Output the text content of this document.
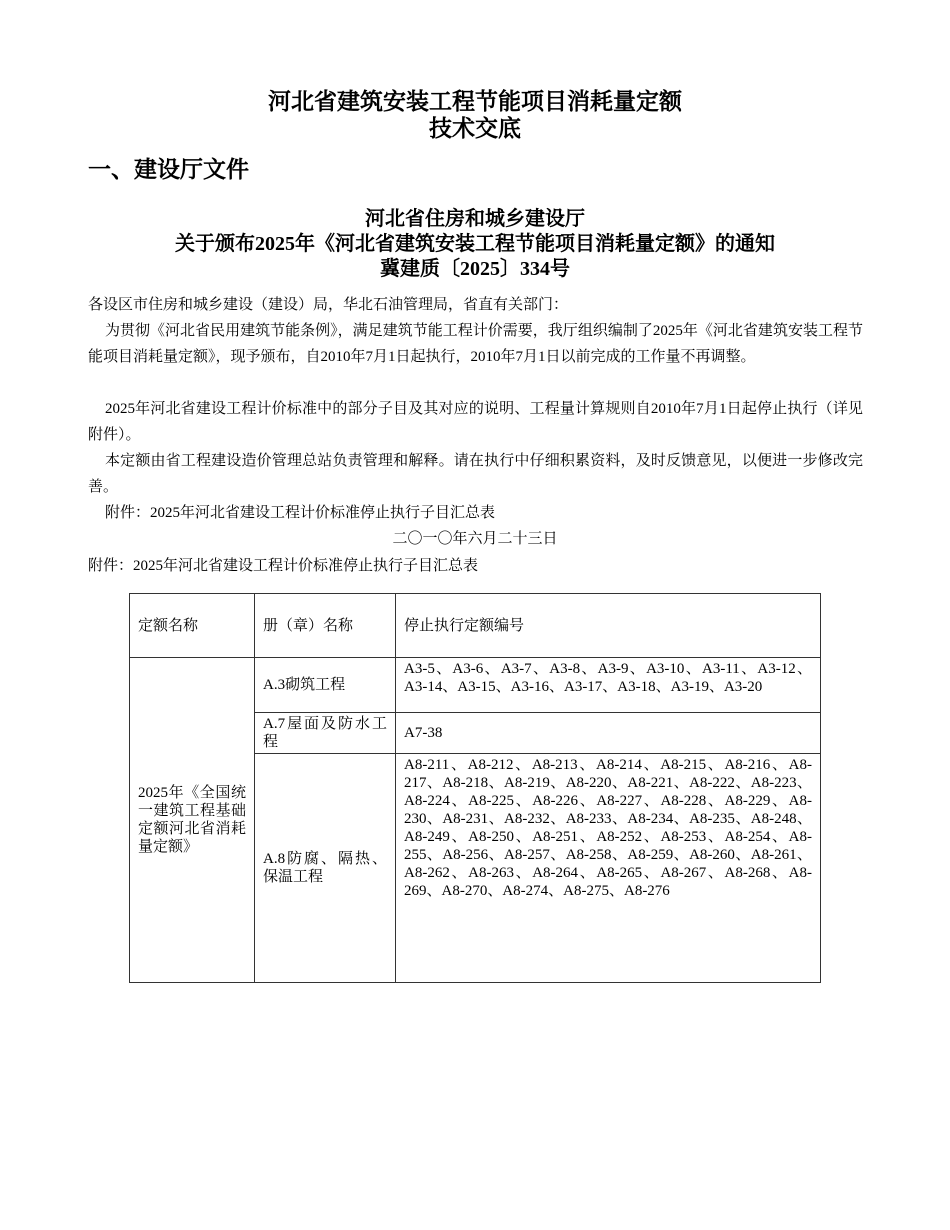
河北省建筑安装工程节能项目消耗量定额
技术交底
一、建设厅文件
河北省住房和城乡建设厅
关于颁布2025年《河北省建筑安装工程节能项目消耗量定额》的通知
冀建质〔2025〕334号
各设区市住房和城乡建设（建设）局，华北石油管理局，省直有关部门：
为贯彻《河北省民用建筑节能条例》，满足建筑节能工程计价需要，我厅组织编制了2025年《河北省建筑安装工程节能项目消耗量定额》，现予颁布，自2010年7月1日起执行，2010年7月1日以前完成的工作量不再调整。
2025年河北省建设工程计价标准中的部分子目及其对应的说明、工程量计算规则自2010年7月1日起停止执行（详见附件）。
本定额由省工程建设造价管理总站负责管理和解释。请在执行中仔细积累资料，及时反馈意见，以便进一步修改完善。
附件：2025年河北省建设工程计价标准停止执行子目汇总表
二〇一〇年六月二十三日
附件：2025年河北省建设工程计价标准停止执行子目汇总表
定额名称	册（章）名称	停止执行定额编号
2025年《全国统一建筑工程基础定额河北省消耗量定额》	A.3砌筑工程	A3-5、A3-6、A3-7、A3-8、A3-9、A3-10、A3-11、A3-12、A3-14、A3-15、A3-16、A3-17、A3-18、A3-19、A3-20
	A.7屋面及防水工程	A7-38
	A.8防腐、隔热、保温工程	A8-211、A8-212、A8-213、A8-214、A8-215、A8-216、A8-217、A8-218、A8-219、A8-220、A8-221、A8-222、A8-223、A8-224、A8-225、A8-226、A8-227、A8-228、A8-229、A8-230、A8-231、A8-232、A8-233、A8-234、A8-235、A8-248、A8-249、A8-250、A8-251、A8-252、A8-253、A8-254、A8-255、A8-256、A8-257、A8-258、A8-259、A8-260、A8-261、A8-262、A8-263、A8-264、A8-265、A8-267、A8-268、A8-269、A8-270、A8-274、A8-275、A8-276
